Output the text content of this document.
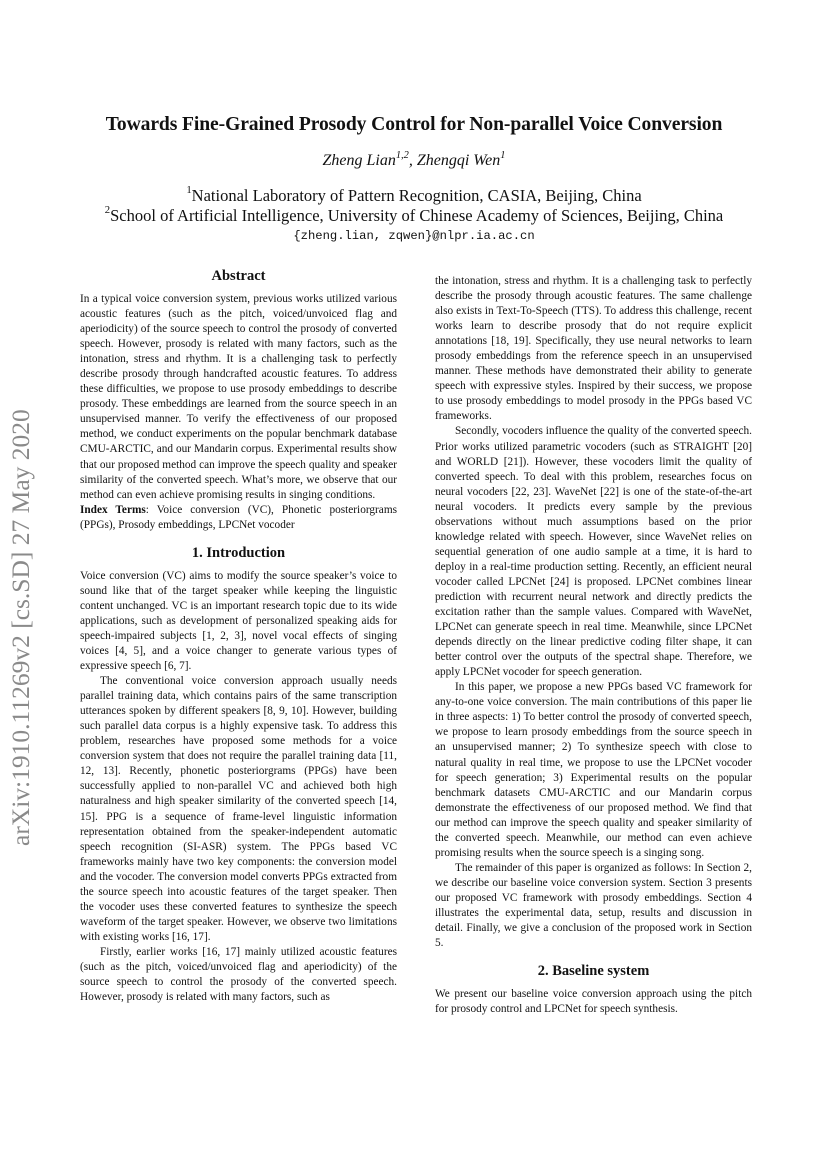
arXiv:1910.11269v2 [cs.SD] 27 May 2020
Towards Fine-Grained Prosody Control for Non-parallel Voice Conversion
Zheng Lian$^{1,2}$, Zhengqi Wen$^1$
$^1$National Laboratory of Pattern Recognition, CASIA, Beijing, China
$^2$School of Artificial Intelligence, University of Chinese Academy of Sciences, Beijing, China
{zheng.lian, zqwen}@nlpr.ia.ac.cn
Abstract

In a typical voice conversion system, previous works utilized various acoustic features (such as the pitch, voiced/unvoiced flag and aperiodicity) of the source speech to control the prosody of converted speech. However, prosody is related with many factors, such as the intonation, stress and rhythm. It is a challenging task to perfectly describe prosody through handcrafted acoustic features. To address these difficulties, we propose to use prosody embeddings to describe prosody. These embeddings are learned from the source speech in an unsupervised manner. To verify the effectiveness of our proposed method, we conduct experiments on the popular benchmark database CMU-ARCTIC, and our Mandarin corpus. Experimental results show that our proposed method can improve the speech quality and speaker similarity of the converted speech. What’s more, we observe that our method can even achieve promising results in singing conditions.

Index Terms: Voice conversion (VC), Phonetic posteriorgrams (PPGs), Prosody embeddings, LPCNet vocoder

1. Introduction

Voice conversion (VC) aims to modify the source speaker’s voice to sound like that of the target speaker while keeping the linguistic content unchanged. VC is an important research topic due to its wide applications, such as development of personalized speaking aids for speech-impaired subjects [1, 2, 3], novel vocal effects of singing voices [4, 5], and a voice changer to generate various types of expressive speech [6, 7].

The conventional voice conversion approach usually needs parallel training data, which contains pairs of the same transcription utterances spoken by different speakers [8, 9, 10]. However, building such parallel data corpus is a highly expensive task. To address this problem, researches have proposed some methods for a voice conversion system that does not require the parallel training data [11, 12, 13]. Recently, phonetic posteriorgrams (PPGs) have been successfully applied to non-parallel VC and achieved both high naturalness and high speaker similarity of the converted speech [14, 15]. PPG is a sequence of frame-level linguistic information representation obtained from the speaker-independent automatic speech recognition (SI-ASR) system. The PPGs based VC frameworks mainly have two key components: the conversion model and the vocoder. The conversion model converts PPGs extracted from the source speech into acoustic features of the target speaker. Then the vocoder uses these converted features to synthesize the speech waveform of the target speaker. However, we observe two limitations with existing works [16, 17].

Firstly, earlier works [16, 17] mainly utilized acoustic features (such as the pitch, voiced/unvoiced flag and aperiodicity) of the source speech to control the prosody of the converted speech. However, prosody is related with many factors, such as

the intonation, stress and rhythm. It is a challenging task to perfectly describe the prosody through acoustic features. The same challenge also exists in Text-To-Speech (TTS). To address this challenge, recent works learn to describe prosody that do not require explicit annotations [18, 19]. Specifically, they use neural networks to learn prosody embeddings from the reference speech in an unsupervised manner. These methods have demonstrated their ability to generate speech with expressive styles. Inspired by their success, we propose to use prosody embeddings to model prosody in the PPGs based VC frameworks.

Secondly, vocoders influence the quality of the converted speech. Prior works utilized parametric vocoders (such as STRAIGHT [20] and WORLD [21]). However, these vocoders limit the quality of converted speech. To deal with this problem, researches focus on neural vocoders [22, 23]. WaveNet [22] is one of the state-of-the-art neural vocoders. It predicts every sample by the previous observations without much assumptions based on the prior knowledge related with speech. However, since WaveNet relies on sequential generation of one audio sample at a time, it is hard to deploy in a real-time production setting. Recently, an efficient neural vocoder called LPCNet [24] is proposed. LPCNet combines linear prediction with recurrent neural network and directly predicts the excitation rather than the sample values. Compared with WaveNet, LPCNet can generate speech in real time. Meanwhile, since LPCNet depends directly on the linear predictive coding filter shape, it can better control over the outputs of the spectral shape. Therefore, we apply LPCNet vocoder for speech generation.

In this paper, we propose a new PPGs based VC framework for any-to-one voice conversion. The main contributions of this paper lie in three aspects: 1) To better control the prosody of converted speech, we propose to learn prosody embeddings from the source speech in an unsupervised manner; 2) To synthesize speech with close to natural quality in real time, we propose to use the LPCNet vocoder for speech generation; 3) Experimental results on the popular benchmark datasets CMU-ARCTIC and our Mandarin corpus demonstrate the effectiveness of our proposed method. We find that our method can improve the speech quality and speaker similarity of the converted speech. Meanwhile, our method can even achieve promising results when the source speech is a singing song.

The remainder of this paper is organized as follows: In Section 2, we describe our baseline voice conversion system. Section 3 presents our proposed VC framework with prosody embeddings. Section 4 illustrates the experimental data, setup, results and discussion in detail. Finally, we give a conclusion of the proposed work in Section 5.

2. Baseline system

We present our baseline voice conversion approach using the pitch for prosody control and LPCNet for speech synthesis.
